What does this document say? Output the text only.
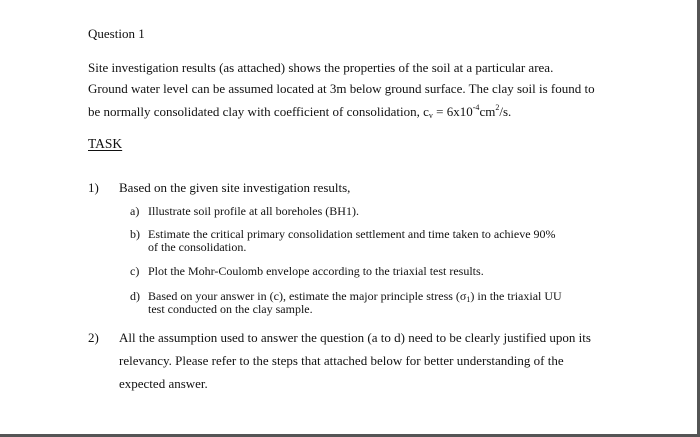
Question 1

Site investigation results (as attached) shows the properties of the soil at a particular area.

Ground water level can be assumed located at 3m below ground surface. The clay soil is found to

be normally consolidated clay with coefficient of consolidation, $c_v = 6x10^{-4}cm^2/s$.

TASK

1) Based on the given site investigation results,
a) Illustrate soil profile at all boreholes (BH1).
b) Estimate the critical primary consolidation settlement and time taken to achieve 90%
of the consolidation.
c) Plot the Mohr-Coulomb envelope according to the triaxial test results.
d) Based on your answer in (c), estimate the major principle stress $(\sigma_1)$ in the triaxial UU
test conducted on the clay sample.
2) All the assumption used to answer the question (a to d) need to be clearly justified upon its
relevancy. Please refer to the steps that attached below for better understanding of the
expected answer.
